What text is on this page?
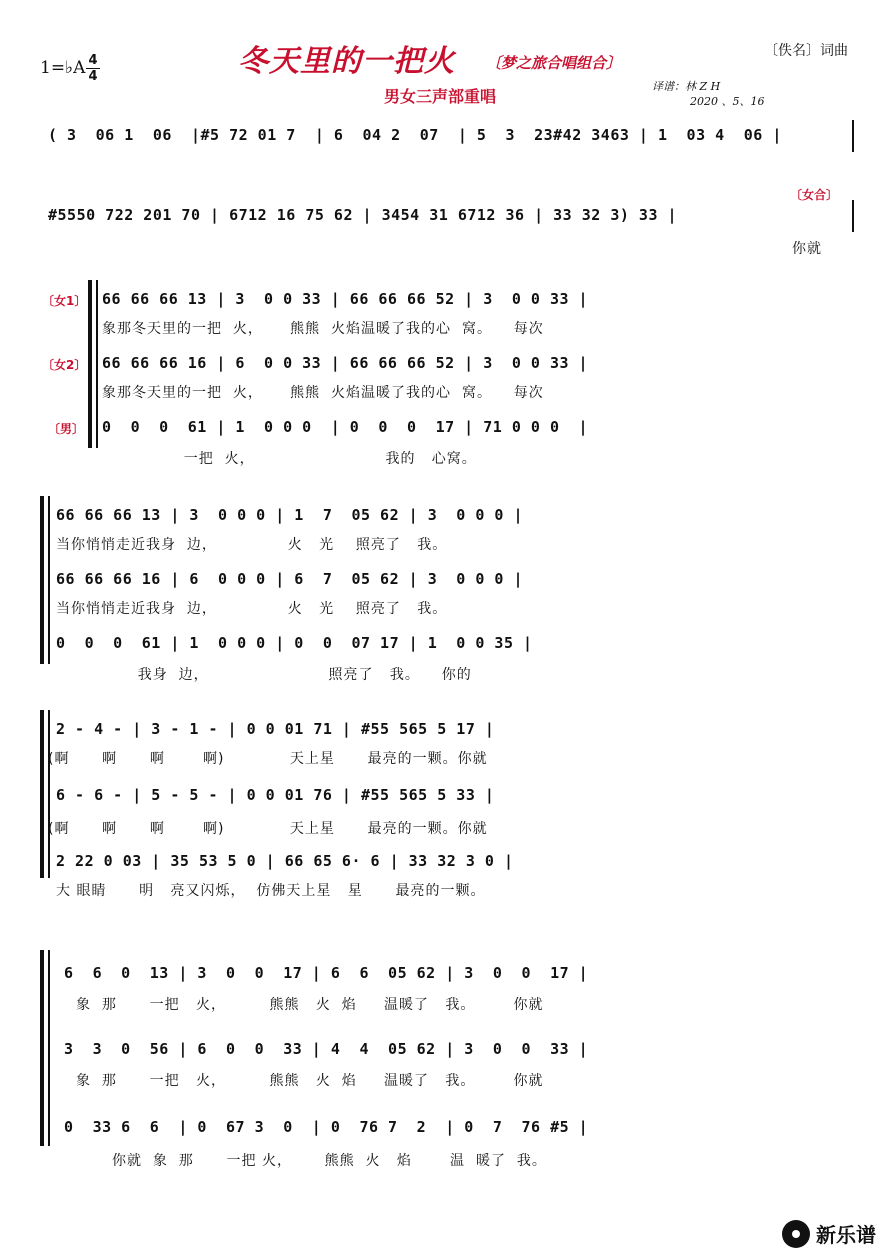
1=♭A 4
4	冬天里的一把火 〔梦之旅合唱组合〕
男女三声部重唱
〔佚名〕词曲
译谱：林 Z H
2020 、5、16
( 3  06 1  06  |#5 72 01 7  | 6  04 2  07  | 5  3  23#42 3463 | 1  03 4  06 |
#5550 722 201 70 | 6712 16 75 62 | 3454 31 6712 36 | 33 32 3) 33 |
〔女合〕
你就
〔女1〕
〔女2〕
〔男〕
66 66 66 13 | 3  0 0 33 | 66 66 66 52 | 3  0 0 33 |
象那冬天里的一把  火，     熊熊  火焰温暖了我的心  窝。    每次
66 66 66 16 | 6  0 0 33 | 66 66 66 52 | 3  0 0 33 |
象那冬天里的一把  火，     熊熊  火焰温暖了我的心  窝。    每次
0  0  0  61 | 1  0 0 0  | 0  0  0  17 | 71 0 0 0  |
一把  火，                        我的   心窝。
66 66 66 13 | 3  0 0 0 | 1  7  05 62 | 3  0 0 0 |
当你悄悄走近我身  边，             火   光    照亮了   我。
66 66 66 16 | 6  0 0 0 | 6  7  05 62 | 3  0 0 0 |
当你悄悄走近我身  边，             火   光    照亮了   我。
0  0  0  61 | 1  0 0 0 | 0  0  07 17 | 1  0 0 35 |
我身  边，                      照亮了   我。    你的
2 - 4 - | 3 - 1 - | 0 0 01 71 | #55 565 5 17 |
(啊      啊      啊       啊)            天上星      最亮的一颗。你就
6 - 6 - | 5 - 5 - | 0 0 01 76 | #55 565 5 33 |
(啊      啊      啊       啊)            天上星      最亮的一颗。你就
2 22 0 03 | 35 53 5 0 | 66 65 6· 6 | 33 32 3 0 |
大 眼睛      明   亮又闪烁，  仿佛天上星   星      最亮的一颗。
6  6  0  13 | 3  0  0  17 | 6  6  05 62 | 3  0  0  17 |
象  那      一把   火，        熊熊   火  焰     温暖了   我。       你就
3  3  0  56 | 6  0  0  33 | 4  4  05 62 | 3  0  0  33 |
象  那      一把   火，        熊熊   火  焰     温暖了   我。       你就
0  33 6  6  | 0  67 3  0  | 0  76 7  2  | 0  7  76 #5 |
你就  象  那      一把 火，      熊熊  火   焰       温  暖了  我。
新乐谱
